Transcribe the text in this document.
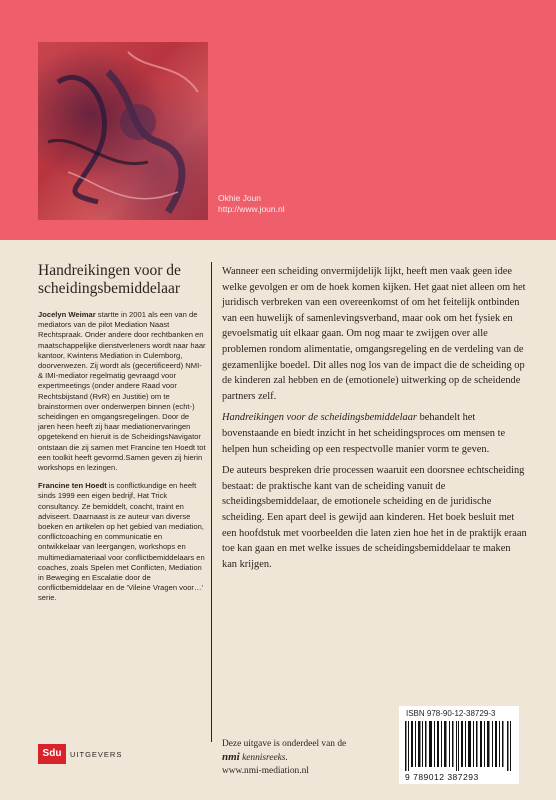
Okhie Joun
http://www.joun.nl
Handreikingen voor de
scheidingsbemiddelaar

Jocelyn Weimar startte in 2001 als een van de mediators van de pilot Mediation Naast Rechtspraak. Onder andere door rechtbanken en maatschappelijke dienstverleners wordt naar haar kantoor, Kwintens Mediation in Culemborg, doorverwezen. Zij wordt als (gecertificeerd) NMI- & IMI-mediator regelmatig gevraagd voor expertmeetings (onder andere Raad voor Rechtsbijstand (RvR) en Justitie) om te brainstormen over onderwerpen binnen (echt-) scheidingen en omgangsregelingen. Door de jaren heen heeft zij haar mediationervaringen opgetekend en hieruit is de ScheidingsNavigator ontstaan die zij samen met Francine ten Hoedt tot een toolkit heeft gevormd.Samen geven zij hierin workshops en lezingen.

Francine ten Hoedt is conflictkundige en heeft sinds 1999 een eigen bedrijf, Hat Trick consultancy. Ze bemiddelt, coacht, traint en adviseert. Daarnaast is ze auteur van diverse boeken en artikelen op het gebied van mediation, conflictcoaching en communicatie en ontwikkelaar van leergangen, workshops en multimediamateriaal voor conflictbemiddelaars en coaches, zoals Spelen met Conflicten, Mediation in Beweging en Escalatie door de conflictbemiddelaar en de 'Vileine Vragen voor…' serie.

Wanneer een scheiding onvermijdelijk lijkt, heeft men vaak geen idee welke gevolgen er om de hoek komen kijken. Het gaat niet alleen om het juridisch verbreken van een overeenkomst of om het feitelijk ontbinden van een huwelijk of samenlevingsverband, maar ook om het fysiek en gevoelsmatig uit elkaar gaan. Om nog maar te zwijgen over alle problemen rondom alimentatie, omgangsregeling en de verdeling van de gezamenlijke boedel. Dit alles nog los van de impact die de scheiding op de kinderen zal hebben en de (emotionele) uitwerking op de scheidende partners zelf.

Handreikingen voor de scheidingsbemiddelaar behandelt het bovenstaande en biedt inzicht in het scheidingsproces om mensen te helpen hun scheiding op een respectvolle manier vorm te geven.

De auteurs bespreken drie processen waaruit een doorsnee echtscheiding bestaat: de praktische kant van de scheiding vanuit de scheidingsbemiddelaar, de emotionele scheiding en de juridische scheiding. Een apart deel is gewijd aan kinderen. Het boek besluit met een hoofdstuk met voorbeelden die laten zien hoe het in de praktijk eraan toe kan gaan en met welke issues de scheidingsbemiddelaar te maken kan krijgen.

ISBN 978-90-12-38729-3
9 789012 387293
Deze uitgave is onderdeel van de
nmi kennisreeks.
www.nmi-mediation.nl
Sdu UITGEVERS
